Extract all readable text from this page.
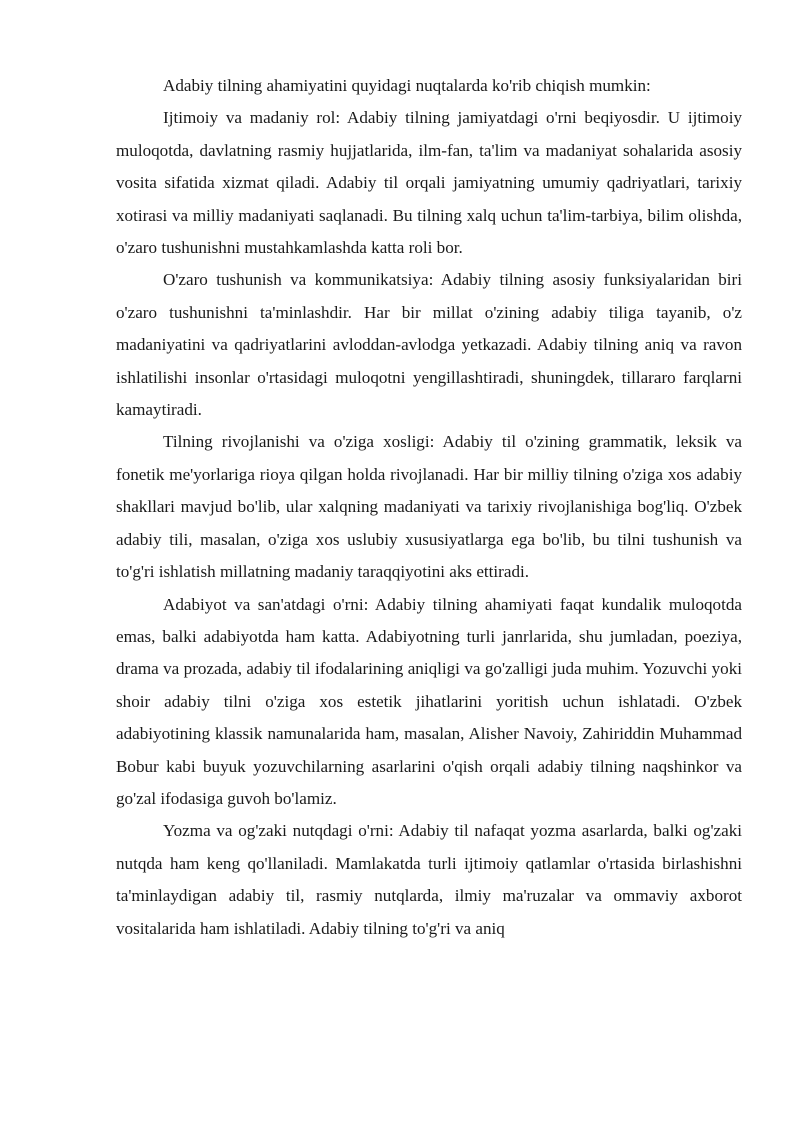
Adabiy tilning ahamiyatini quyidagi nuqtalarda ko'rib chiqish mumkin:

Ijtimoiy va madaniy rol: Adabiy tilning jamiyatdagi o'rni beqiyosdir. U ijtimoiy muloqotda, davlatning rasmiy hujjatlarida, ilm-fan, ta'lim va madaniyat sohalarida asosiy vosita sifatida xizmat qiladi. Adabiy til orqali jamiyatning umumiy qadriyatlari, tarixiy xotirasi va milliy madaniyati saqlanadi. Bu tilning xalq uchun ta'lim-tarbiya, bilim olishda, o'zaro tushunishni mustahkamlashda katta roli bor.

O'zaro tushunish va kommunikatsiya: Adabiy tilning asosiy funksiyalaridan biri o'zaro tushunishni ta'minlashdir. Har bir millat o'zining adabiy tiliga tayanib, o'z madaniyatini va qadriyatlarini avloddan-avlodga yetkazadi. Adabiy tilning aniq va ravon ishlatilishi insonlar o'rtasidagi muloqotni yengillashtiradi, shuningdek, tillararo farqlarni kamaytiradi.

Tilning rivojlanishi va o'ziga xosligi: Adabiy til o'zining grammatik, leksik va fonetik me'yorlariga rioya qilgan holda rivojlanadi. Har bir milliy tilning o'ziga xos adabiy shakllari mavjud bo'lib, ular xalqning madaniyati va tarixiy rivojlanishiga bog'liq. O'zbek adabiy tili, masalan, o'ziga xos uslubiy xususiyatlarga ega bo'lib, bu tilni tushunish va to'g'ri ishlatish millatning madaniy taraqqiyotini aks ettiradi.

Adabiyot va san'atdagi o'rni: Adabiy tilning ahamiyati faqat kundalik muloqotda emas, balki adabiyotda ham katta. Adabiyotning turli janrlarida, shu jumladan, poeziya, drama va prozada, adabiy til ifodalarining aniqligi va go'zalligi juda muhim. Yozuvchi yoki shoir adabiy tilni o'ziga xos estetik jihatlarini yoritish uchun ishlatadi. O'zbek adabiyotining klassik namunalarida ham, masalan, Alisher Navoiy, Zahiriddin Muhammad Bobur kabi buyuk yozuvchilarning asarlarini o'qish orqali adabiy tilning naqshinkor va go'zal ifodasiga guvoh bo'lamiz.

Yozma va og'zaki nutqdagi o'rni: Adabiy til nafaqat yozma asarlarda, balki og'zaki nutqda ham keng qo'llaniladi. Mamlakatda turli ijtimoiy qatlamlar o'rtasida birlashishni ta'minlaydigan adabiy til, rasmiy nutqlarda, ilmiy ma'ruzalar va ommaviy axborot vositalarida ham ishlatiladi. Adabiy tilning to'g'ri va aniq
